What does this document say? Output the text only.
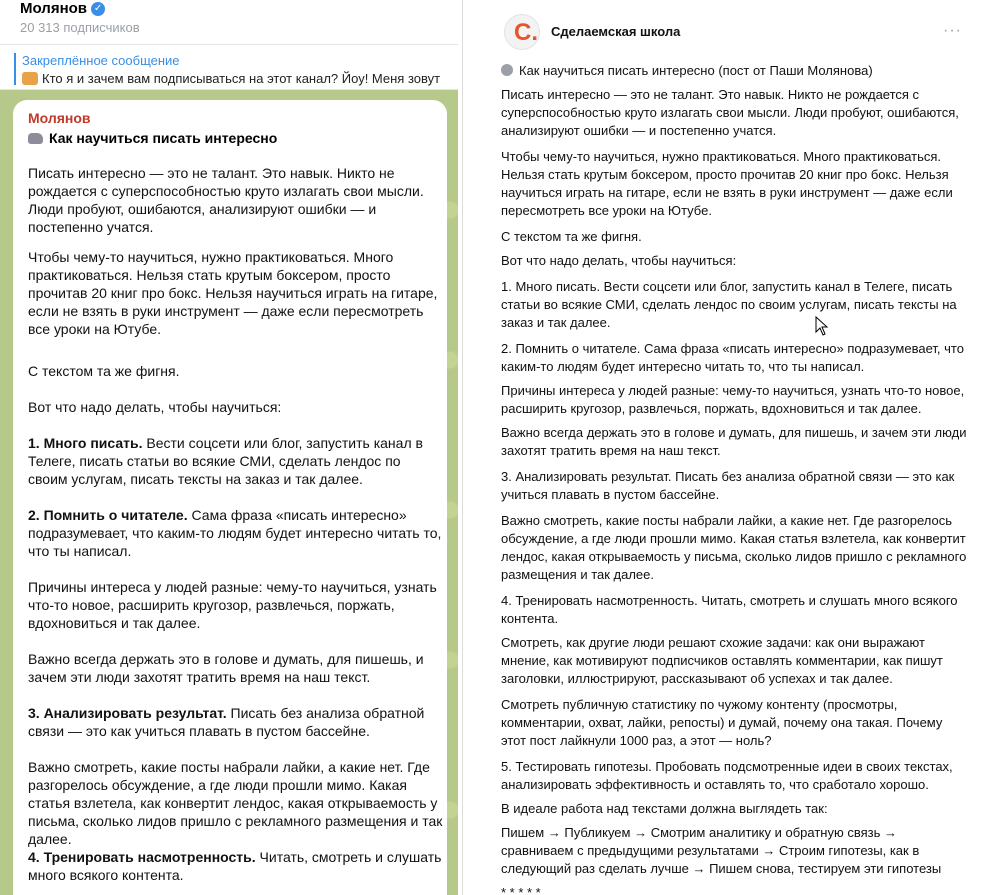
Молянов ✓
20 313 подписчиков
Закреплённое сообщение
Кто я и зачем вам подписываться на этот канал? Йоу! Меня зовут
Молянов
Как научиться писать интересно
Писать интересно — это не талант. Это навык. Никто не рождается с суперспособностью круто излагать свои мысли. Люди пробуют, ошибаются, анализируют ошибки — и постепенно учатся.
Чтобы чему-то научиться, нужно практиковаться. Много практиковаться. Нельзя стать крутым боксером, просто прочитав 20 книг про бокс. Нельзя научиться играть на гитаре, если не взять в руки инструмент — даже если пересмотреть все уроки на Ютубе.
С текстом та же фигня.
Вот что надо делать, чтобы научиться:
1. Много писать. Вести соцсети или блог, запустить канал в Телеге, писать статьи во всякие СМИ, сделать лендос по своим услугам, писать тексты на заказ и так далее.
2. Помнить о читателе. Сама фраза «писать интересно» подразумевает, что каким-то людям будет интересно читать то, что ты написал.
Причины интереса у людей разные: чему-то научиться, узнать что-то новое, расширить кругозор, развлечься, поржать, вдохновиться и так далее.
Важно всегда держать это в голове и думать, для пишешь, и зачем эти люди захотят тратить время на наш текст.
3. Анализировать результат. Писать без анализа обратной связи — это как учиться плавать в пустом бассейне.
Важно смотреть, какие посты набрали лайки, а какие нет. Где разгорелось обсуждение, а где люди прошли мимо. Какая статья взлетела, как конвертит лендос, какая открываемость у письма, сколько лидов пришло с рекламного размещения и так далее.
4. Тренировать насмотренность. Читать, смотреть и слушать много всякого контента.
С. Сделаемская школа	···
Как научиться писать интересно (пост от Паши Молянова)
Писать интересно — это не талант. Это навык. Никто не рождается с суперспособностью круто излагать свои мысли. Люди пробуют, ошибаются, анализируют ошибки — и постепенно учатся.
Чтобы чему-то научиться, нужно практиковаться. Много практиковаться. Нельзя стать крутым боксером, просто прочитав 20 книг про бокс. Нельзя научиться играть на гитаре, если не взять в руки инструмент — даже если пересмотреть все уроки на Ютубе.
С текстом та же фигня.
Вот что надо делать, чтобы научиться:
1. Много писать. Вести соцсети или блог, запустить канал в Телеге, писать статьи во всякие СМИ, сделать лендос по своим услугам, писать тексты на заказ и так далее.
2. Помнить о читателе. Сама фраза «писать интересно» подразумевает, что каким-то людям будет интересно читать то, что ты написал.
Причины интереса у людей разные: чему-то научиться, узнать что-то новое, расширить кругозор, развлечься, поржать, вдохновиться и так далее.
Важно всегда держать это в голове и думать, для пишешь, и зачем эти люди захотят тратить время на наш текст.
3. Анализировать результат. Писать без анализа обратной связи — это как учиться плавать в пустом бассейне.
Важно смотреть, какие посты набрали лайки, а какие нет. Где разгорелось обсуждение, а где люди прошли мимо. Какая статья взлетела, как конвертит лендос, какая открываемость у письма, сколько лидов пришло с рекламного размещения и так далее.
4. Тренировать насмотренность. Читать, смотреть и слушать много всякого контента.
Смотреть, как другие люди решают схожие задачи: как они выражают мнение, как мотивируют подписчиков оставлять комментарии, как пишут заголовки, иллюстрируют, рассказывают об успехах и так далее.
Смотреть публичную статистику по чужому контенту (просмотры, комментарии, охват, лайки, репосты) и думай, почему она такая. Почему этот пост лайкнули 1000 раз, а этот — ноль?
5. Тестировать гипотезы. Пробовать подсмотренные идеи в своих текстах, анализировать эффективность и оставлять то, что сработало хорошо.
В идеале работа над текстами должна выглядеть так:
Пишем → Публикуем → Смотрим аналитику и обратную связь → сравниваем с предыдущими результатами → Строим гипотезы, как в следующий раз сделать лучше → Пишем снова, тестируем эти гипотезы
* * * * *
